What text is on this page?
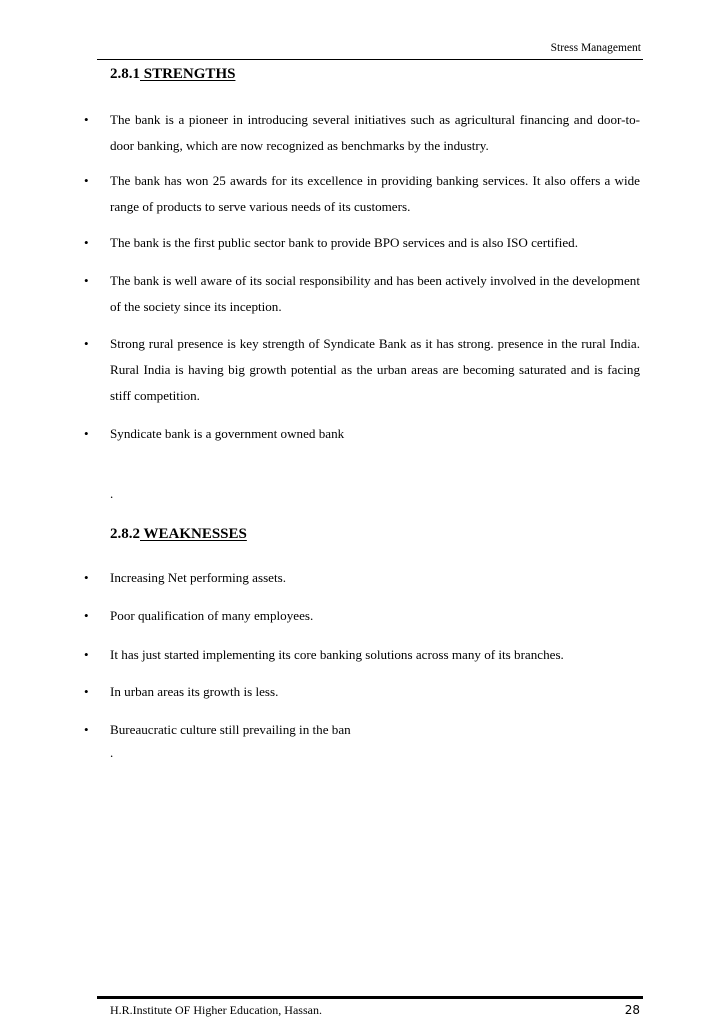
Stress Management
2.8.1 STRENGTHS
• The bank is a pioneer in introducing several initiatives such as agricultural financing and door-to-door banking, which are now recognized as benchmarks by the industry.
• The bank has won 25 awards for its excellence in providing banking services. It also offers a wide range of products to serve various needs of its customers.
• The bank is the first public sector bank to provide BPO services and is also ISO certified.
• The bank is well aware of its social responsibility and has been actively involved in the development of the society since its inception.
• Strong rural presence is key strength of Syndicate Bank as it has strong. presence in the rural India. Rural India is having big growth potential as the urban areas are becoming saturated and is facing stiff competition.
• Syndicate bank is a government owned bank
.
2.8.2 WEAKNESSES
• Increasing Net performing assets.
• Poor qualification of many employees.
• It has just started implementing its core banking solutions across many of its branches.
• In urban areas its growth is less.
• Bureaucratic culture still prevailing in the ban
.
H.R.Institute OF Higher Education, Hassan.	28
